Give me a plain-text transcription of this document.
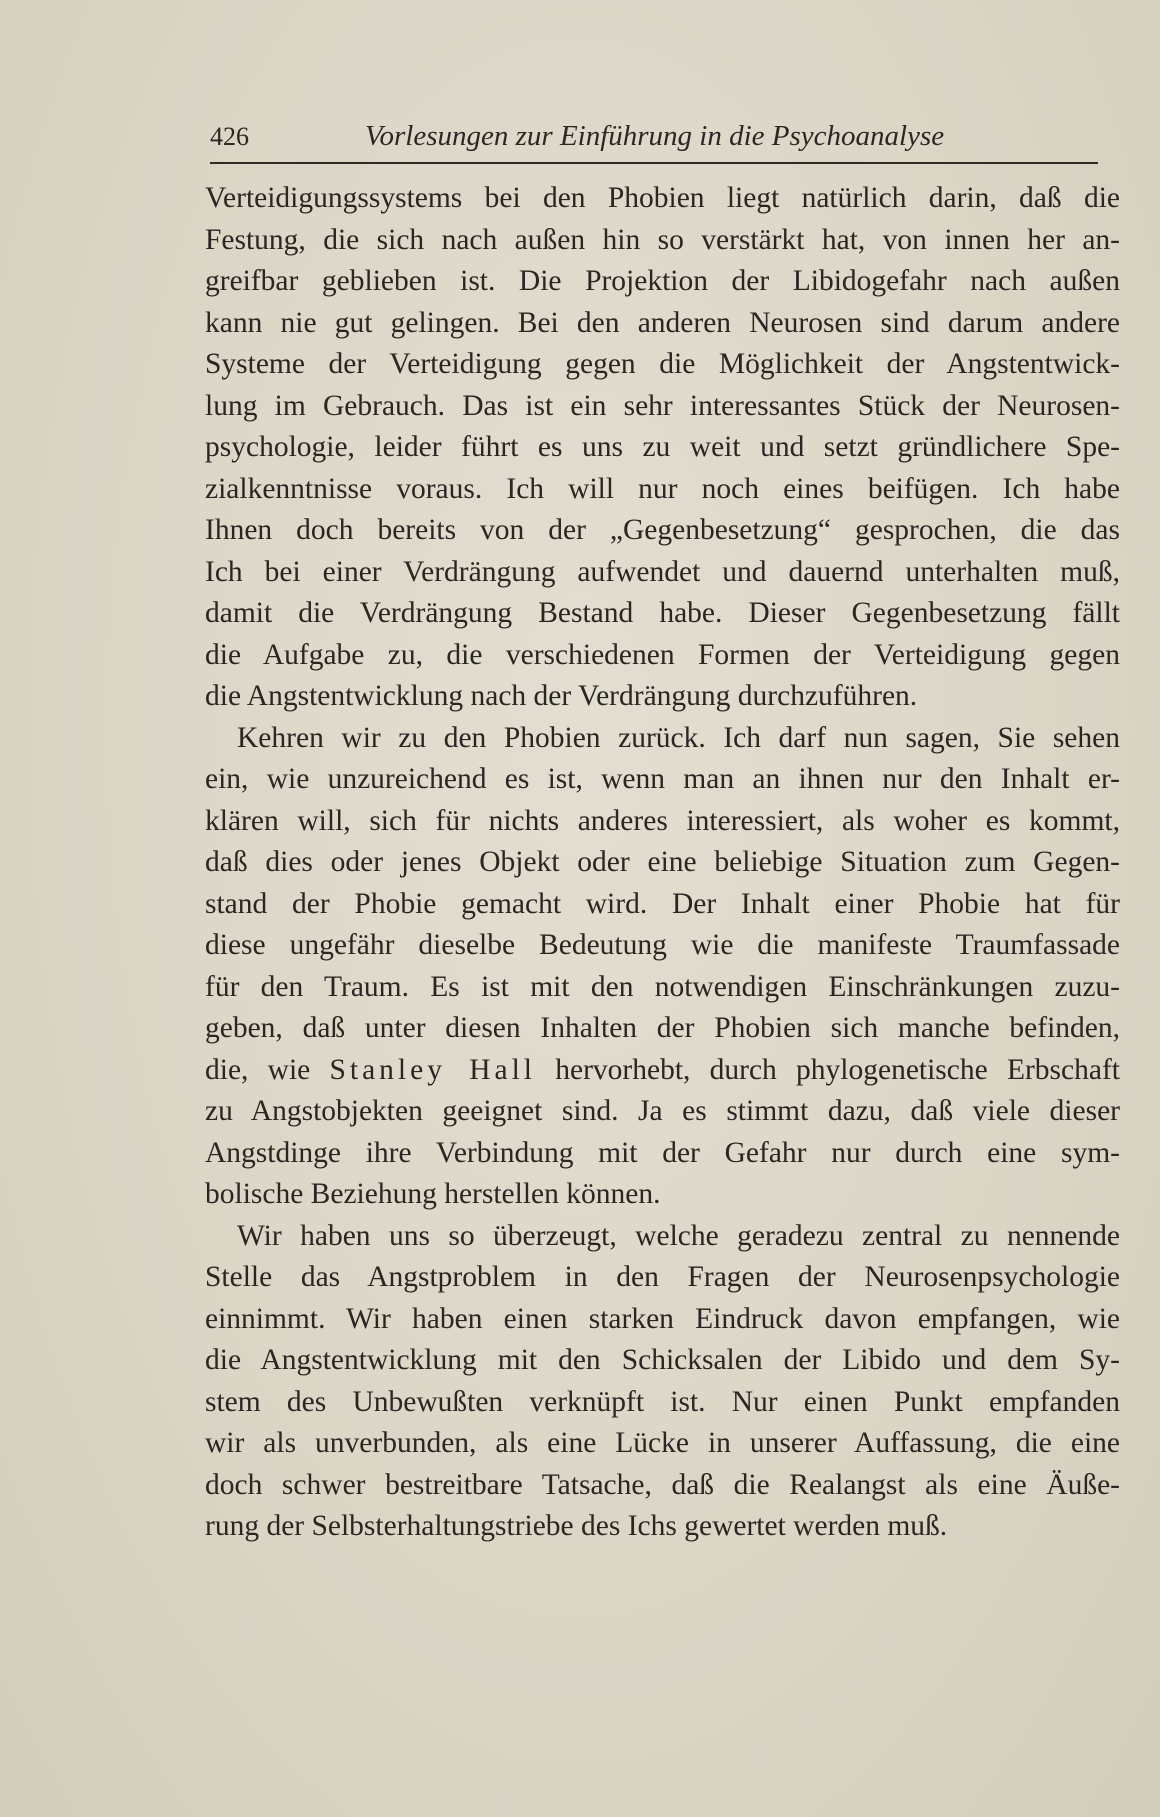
426	Vorlesungen zur Einführung in die Psychoanalyse
Verteidigungssystems bei den Phobien liegt natürlich darin, daß die
Festung, die sich nach außen hin so verstärkt hat, von innen her an-
greifbar geblieben ist. Die Projektion der Libidogefahr nach außen
kann nie gut gelingen. Bei den anderen Neurosen sind darum andere
Systeme der Verteidigung gegen die Möglichkeit der Angstentwick-
lung im Gebrauch. Das ist ein sehr interessantes Stück der Neurosen-
psychologie, leider führt es uns zu weit und setzt gründlichere Spe-
zialkenntnisse voraus. Ich will nur noch eines beifügen. Ich habe
Ihnen doch bereits von der „Gegenbesetzung“ gesprochen, die das
Ich bei einer Verdrängung aufwendet und dauernd unterhalten muß,
damit die Verdrängung Bestand habe. Dieser Gegenbesetzung fällt
die Aufgabe zu, die verschiedenen Formen der Verteidigung gegen
die Angstentwicklung nach der Verdrängung durchzuführen.
Kehren wir zu den Phobien zurück. Ich darf nun sagen, Sie sehen
ein, wie unzureichend es ist, wenn man an ihnen nur den Inhalt er-
klären will, sich für nichts anderes interessiert, als woher es kommt,
daß dies oder jenes Objekt oder eine beliebige Situation zum Gegen-
stand der Phobie gemacht wird. Der Inhalt einer Phobie hat für
diese ungefähr dieselbe Bedeutung wie die manifeste Traumfassade
für den Traum. Es ist mit den notwendigen Einschränkungen zuzu-
geben, daß unter diesen Inhalten der Phobien sich manche befinden,
die, wie Stanley Hall hervorhebt, durch phylogenetische Erbschaft
zu Angstobjekten geeignet sind. Ja es stimmt dazu, daß viele dieser
Angstdinge ihre Verbindung mit der Gefahr nur durch eine sym-
bolische Beziehung herstellen können.
Wir haben uns so überzeugt, welche geradezu zentral zu nennende
Stelle das Angstproblem in den Fragen der Neurosenpsychologie
einnimmt. Wir haben einen starken Eindruck davon empfangen, wie
die Angstentwicklung mit den Schicksalen der Libido und dem Sy-
stem des Unbewußten verknüpft ist. Nur einen Punkt empfanden
wir als unverbunden, als eine Lücke in unserer Auffassung, die eine
doch schwer bestreitbare Tatsache, daß die Realangst als eine Äuße-
rung der Selbsterhaltungstriebe des Ichs gewertet werden muß.
